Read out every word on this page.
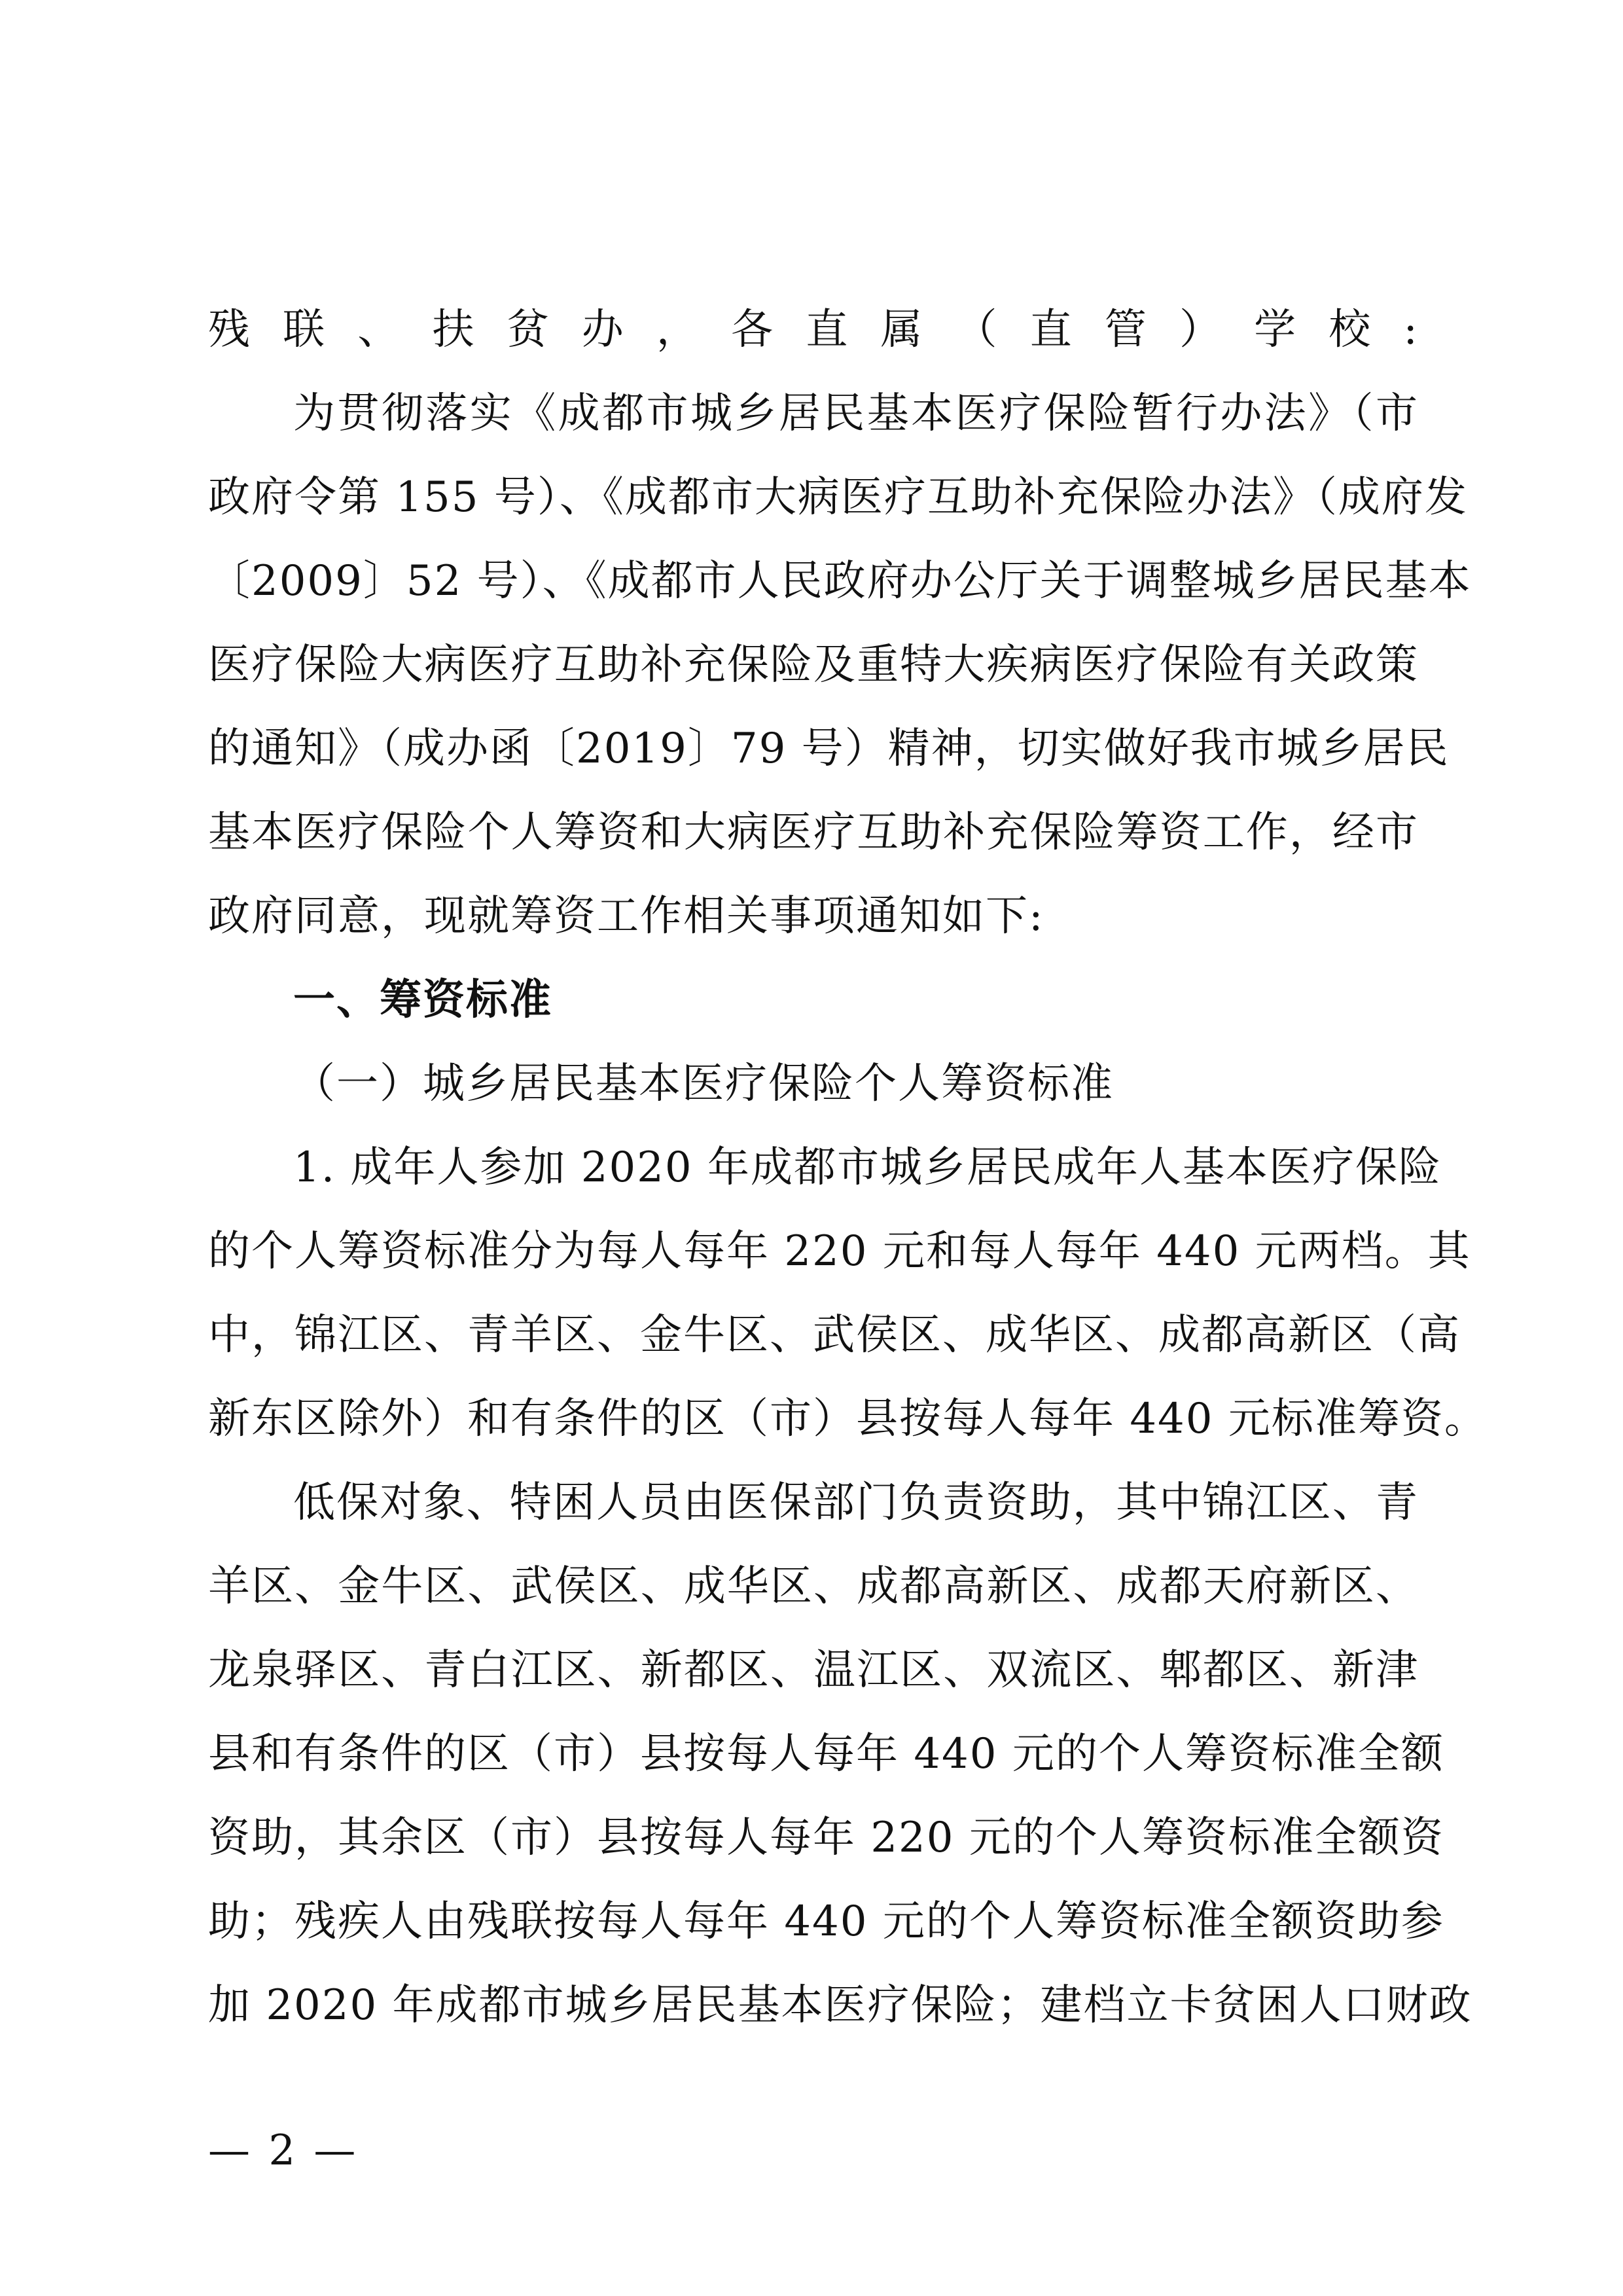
残联、扶贫办，各直属（直管）学校:
为贯彻落实《成都市城乡居民基本医疗保险暂行办法》（市
政府令第 155 号）、《成都市大病医疗互助补充保险办法》（成府发
〔2009〕52 号）、《成都市人民政府办公厅关于调整城乡居民基本
医疗保险大病医疗互助补充保险及重特大疾病医疗保险有关政策
的通知》（成办函〔2019〕79 号）精神，切实做好我市城乡居民
基本医疗保险个人筹资和大病医疗互助补充保险筹资工作，经市
政府同意，现就筹资工作相关事项通知如下:
一、筹资标准
（一）城乡居民基本医疗保险个人筹资标准
1. 成年人参加 2020 年成都市城乡居民成年人基本医疗保险
的个人筹资标准分为每人每年 220 元和每人每年 440 元两档。其
中，锦江区、青羊区、金牛区、武侯区、成华区、成都高新区（高
新东区除外）和有条件的区（市）县按每人每年 440 元标准筹资。
低保对象、特困人员由医保部门负责资助，其中锦江区、青
羊区、金牛区、武侯区、成华区、成都高新区、成都天府新区、
龙泉驿区、青白江区、新都区、温江区、双流区、郫都区、新津
县和有条件的区（市）县按每人每年 440 元的个人筹资标准全额
资助，其余区（市）县按每人每年 220 元的个人筹资标准全额资
助；残疾人由残联按每人每年 440 元的个人筹资标准全额资助参
加 2020 年成都市城乡居民基本医疗保险；建档立卡贫困人口财政
— 2 —
